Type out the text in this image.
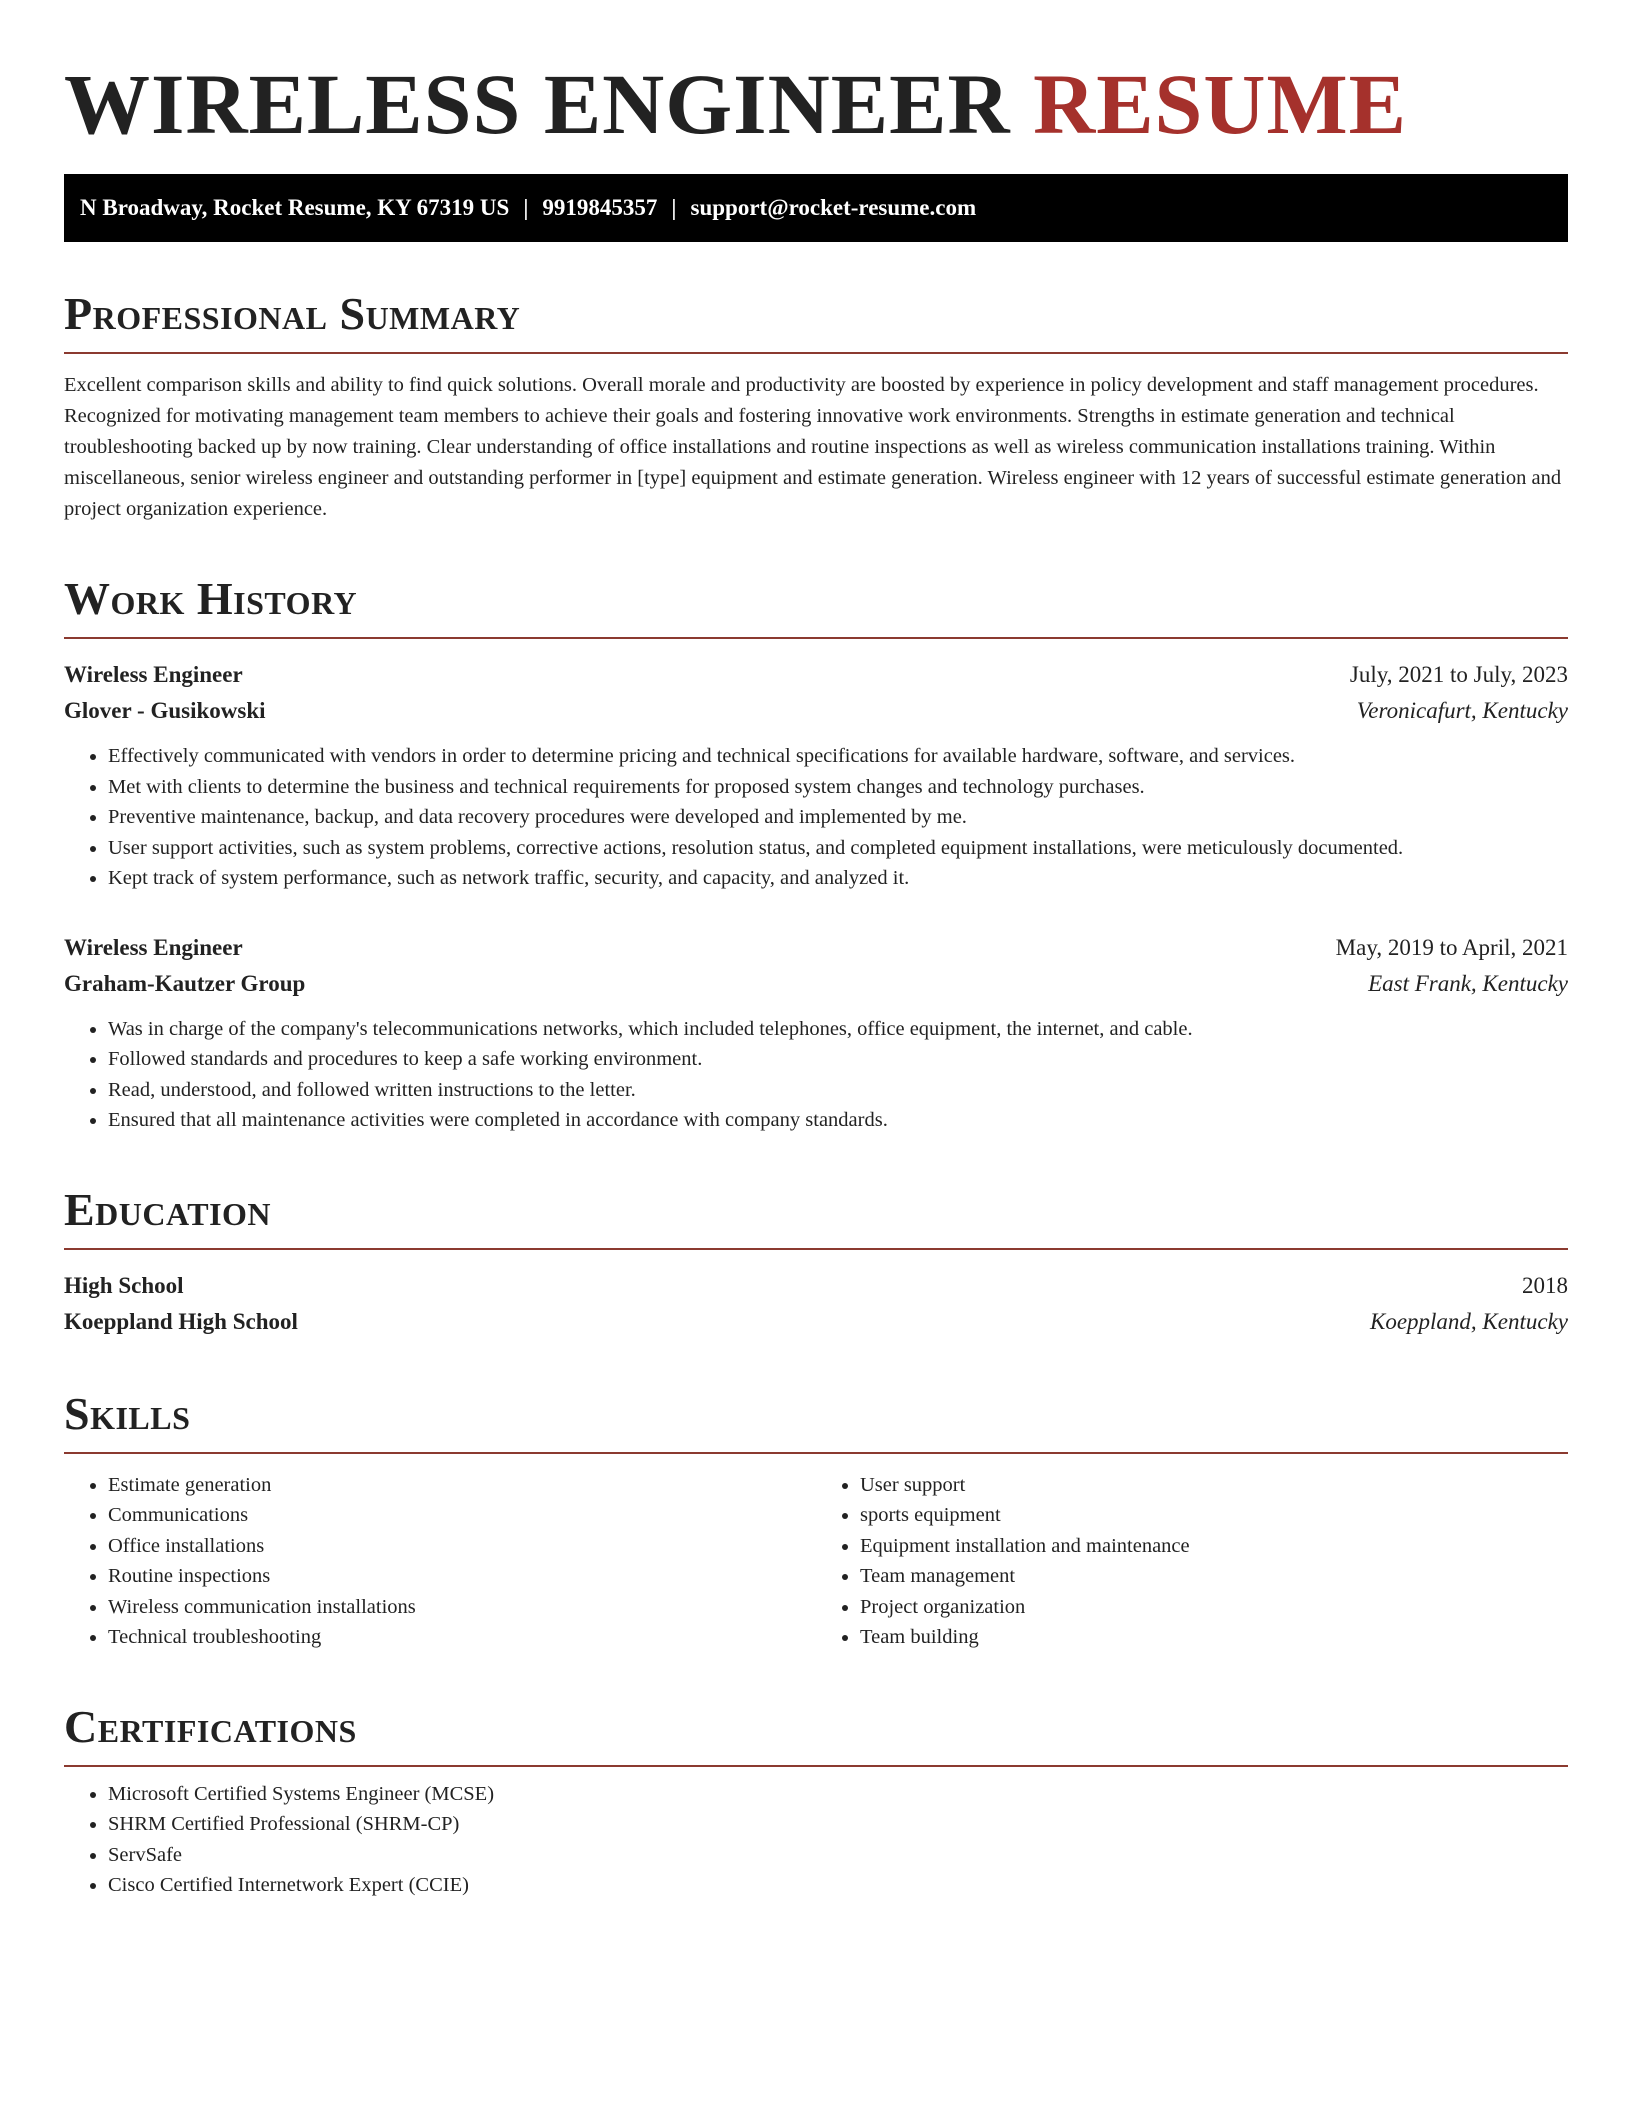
WIRELESS ENGINEER RESUME
N Broadway, Rocket Resume, KY 67319 US | 9919845357 | support@rocket-resume.com
Professional Summary

Excellent comparison skills and ability to find quick solutions. Overall morale and productivity are boosted by experience in policy development and staff management procedures. Recognized for motivating management team members to achieve their goals and fostering innovative work environments. Strengths in estimate generation and technical troubleshooting backed up by now training. Clear understanding of office installations and routine inspections as well as wireless communication installations training. Within miscellaneous, senior wireless engineer and outstanding performer in [type] equipment and estimate generation. Wireless engineer with 12 years of successful estimate generation and project organization experience.

Work History
Wireless Engineer	July, 2021 to July, 2023
Glover - Gusikowski	Veronicafurt, Kentucky
• Effectively communicated with vendors in order to determine pricing and technical specifications for available hardware, software, and services.
• Met with clients to determine the business and technical requirements for proposed system changes and technology purchases.
• Preventive maintenance, backup, and data recovery procedures were developed and implemented by me.
• User support activities, such as system problems, corrective actions, resolution status, and completed equipment installations, were meticulously documented.
• Kept track of system performance, such as network traffic, security, and capacity, and analyzed it.
Wireless Engineer	May, 2019 to April, 2021
Graham-Kautzer Group	East Frank, Kentucky
• Was in charge of the company's telecommunications networks, which included telephones, office equipment, the internet, and cable.
• Followed standards and procedures to keep a safe working environment.
• Read, understood, and followed written instructions to the letter.
• Ensured that all maintenance activities were completed in accordance with company standards.
Education
High School	2018
Koeppland High School	Koeppland, Kentucky
Skills
• Estimate generation
• Communications
• Office installations
• Routine inspections
• Wireless communication installations
• Technical troubleshooting
• User support
• sports equipment
• Equipment installation and maintenance
• Team management
• Project organization
• Team building
Certifications
• Microsoft Certified Systems Engineer (MCSE)
• SHRM Certified Professional (SHRM-CP)
• ServSafe
• Cisco Certified Internetwork Expert (CCIE)
